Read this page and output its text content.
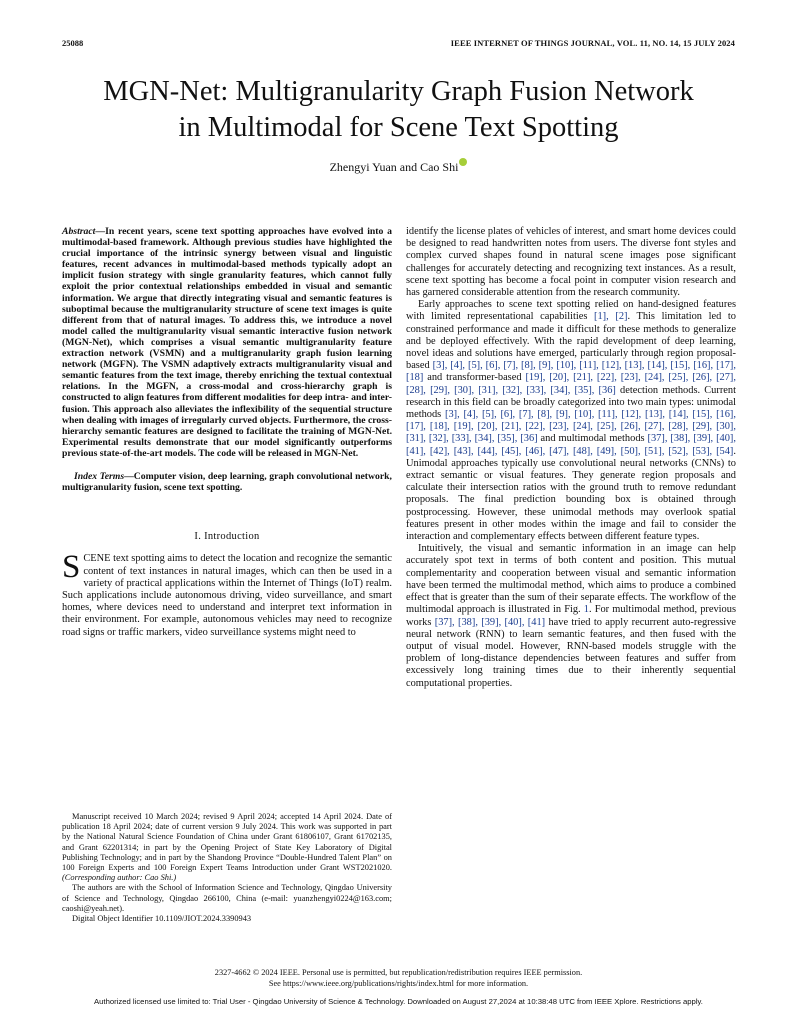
25088	IEEE INTERNET OF THINGS JOURNAL, VOL. 11, NO. 14, 15 JULY 2024
MGN-Net: Multigranularity Graph Fusion Network
in Multimodal for Scene Text Spotting
Zhengyi Yuan and Cao Shi

Abstract—In recent years, scene text spotting approaches have evolved into a multimodal-based framework. Although previous studies have highlighted the crucial importance of the intrinsic synergy between visual and linguistic features, recent advances in multimodal-based methods typically adopt an implicit fusion strategy with single granularity features, which cannot fully exploit the prior contextual relationships embedded in visual and semantic information. We argue that directly integrating visual and semantic features is suboptimal because the multigranularity structure of scene text images is quite different from that of natural images. To address this, we introduce a novel model called the multigranularity visual semantic interactive fusion network (MGN-Net), which comprises a visual semantic multigranularity feature extraction network (VSMN) and a multigranularity graph fusion learning network (MGFN). The VSMN adaptively extracts multigranularity visual and semantic features from the text image, thereby enriching the textual contextual relations. In the MGFN, a cross-modal and cross-hierarchy graph is constructed to align features from different modalities for deep intra- and inter-fusion. This approach also alleviates the inflexibility of the sequential structure when dealing with images of irregularly curved objects. Furthermore, the cross-hierarchy semantic features are designed to facilitate the training of MGN-Net. Experimental results demonstrate that our model significantly outperforms previous state-of-the-art models. The code will be released in MGN-Net.

Index Terms—Computer vision, deep learning, graph convolutional network, multigranularity fusion, scene text spotting.

I. Introduction

SCENE text spotting aims to detect the location and recognize the semantic content of text instances in natural images, which can then be used in a variety of practical applications within the Internet of Things (IoT) realm. Such applications include autonomous driving, video surveillance, and smart homes, where devices need to understand and interpret text information in their environment. For example, autonomous vehicles may need to recognize road signs or traffic markers, video surveillance systems might need to

identify the license plates of vehicles of interest, and smart home devices could be designed to read handwritten notes from users. The diverse font styles and complex curved shapes found in natural scene images pose significant challenges for accurately detecting and recognizing text instances. As a result, scene text spotting has become a focal point in computer vision research and has garnered considerable attention from the research community.

Early approaches to scene text spotting relied on hand-designed features with limited representational capabilities [1], [2]. This limitation led to constrained performance and made it difficult for these methods to generalize and be deployed effectively. With the rapid development of deep learning, novel ideas and solutions have emerged, particularly through region proposal-based [3], [4], [5], [6], [7], [8], [9], [10], [11], [12], [13], [14], [15], [16], [17], [18] and transformer-based [19], [20], [21], [22], [23], [24], [25], [26], [27], [28], [29], [30], [31], [32], [33], [34], [35], [36] detection methods. Current research in this field can be broadly categorized into two main types: unimodal methods [3], [4], [5], [6], [7], [8], [9], [10], [11], [12], [13], [14], [15], [16], [17], [18], [19], [20], [21], [22], [23], [24], [25], [26], [27], [28], [29], [30], [31], [32], [33], [34], [35], [36] and multimodal methods [37], [38], [39], [40], [41], [42], [43], [44], [45], [46], [47], [48], [49], [50], [51], [52], [53], [54]. Unimodal approaches typically use convolutional neural networks (CNNs) to extract semantic or visual features. They generate region proposals and calculate their intersection ratios with the ground truth to remove redundant proposals. The final prediction bounding box is obtained through postprocessing. However, these unimodal methods may overlook spatial features present in other modes within the image and fail to consider the interaction and complementary effects between different feature types.

Intuitively, the visual and semantic information in an image can help accurately spot text in terms of both content and position. This mutual complementarity and cooperation between visual and semantic information have been termed the multimodal method, which aims to produce a combined effect that is greater than the sum of their separate effects. The workflow of the multimodal approach is illustrated in Fig. 1. For multimodal method, previous works [37], [38], [39], [40], [41] have tried to apply recurrent auto-regressive neural network (RNN) to learn semantic features, and then fused with the output of visual model. However, RNN-based models struggle with the problem of long-distance dependencies between features and suffer from excessively long training times due to their inherently sequential computational properties.

Manuscript received 10 March 2024; revised 9 April 2024; accepted 14 April 2024. Date of publication 18 April 2024; date of current version 9 July 2024. This work was supported in part by the National Natural Science Foundation of China under Grant 61806107, Grant 61702135, and Grant 62201314; in part by the Opening Project of State Key Laboratory of Digital Publishing Technology; and in part by the Shandong Province “Double-Hundred Talent Plan” on 100 Foreign Experts and 100 Foreign Expert Teams Introduction under Grant WST2021020. (Corresponding author: Cao Shi.)

The authors are with the School of Information Science and Technology, Qingdao University of Science and Technology, Qingdao 266100, China (e-mail: yuanzhengyi0224@163.com; caoshi@yeah.net).

Digital Object Identifier 10.1109/JIOT.2024.3390943

2327-4662 © 2024 IEEE. Personal use is permitted, but republication/redistribution requires IEEE permission.
See https://www.ieee.org/publications/rights/index.html for more information.
Authorized licensed use limited to: Trial User - Qingdao University of Science & Technology. Downloaded on August 27,2024 at 10:38:48 UTC from IEEE Xplore. Restrictions apply.
